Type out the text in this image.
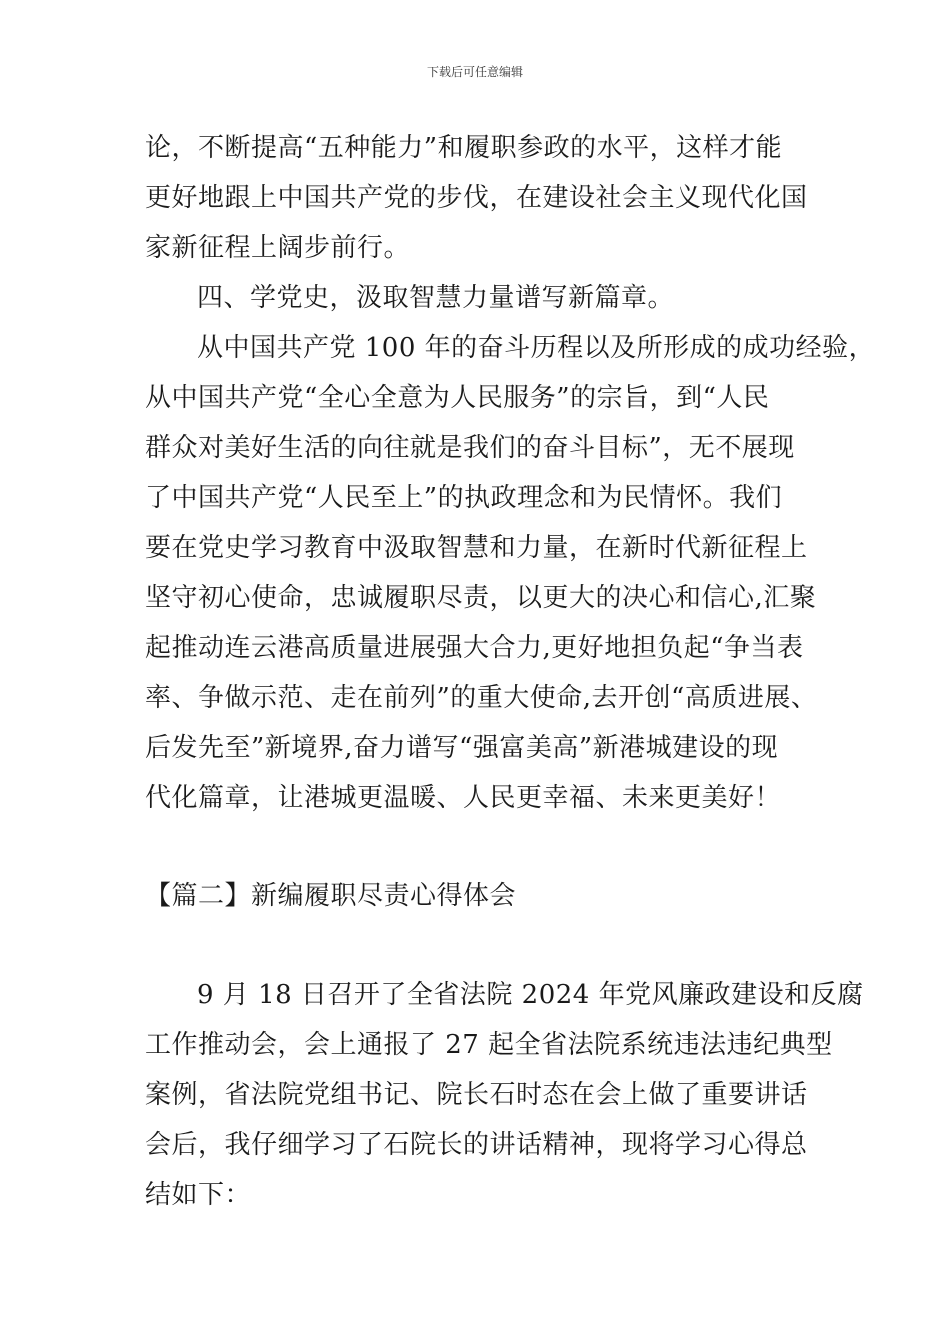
下载后可任意编辑
论，不断提高“五种能力”和履职参政的水平，这样才能
更好地跟上中国共产党的步伐，在建设社会主义现代化国
家新征程上阔步前行。
四、学党史，汲取智慧力量谱写新篇章。
从中国共产党 100 年的奋斗历程以及所形成的成功经验，
从中国共产党“全心全意为人民服务”的宗旨，到“人民
群众对美好生活的向往就是我们的奋斗目标”，无不展现
了中国共产党“人民至上”的执政理念和为民情怀。我们
要在党史学习教育中汲取智慧和力量，在新时代新征程上
坚守初心使命，忠诚履职尽责，以更大的决心和信心,汇聚
起推动连云港高质量进展强大合力,更好地担负起“争当表
率、争做示范、走在前列”的重大使命,去开创“高质进展、
后发先至”新境界,奋力谱写“强富美高”新港城建设的现
代化篇章，让港城更温暖、人民更幸福、未来更美好！
【篇二】新编履职尽责心得体会
9 月 18 日召开了全省法院 2024 年党风廉政建设和反腐
工作推动会，会上通报了 27 起全省法院系统违法违纪典型
案例，省法院党组书记、院长石时态在会上做了重要讲话
会后，我仔细学习了石院长的讲话精神，现将学习心得总
结如下：
